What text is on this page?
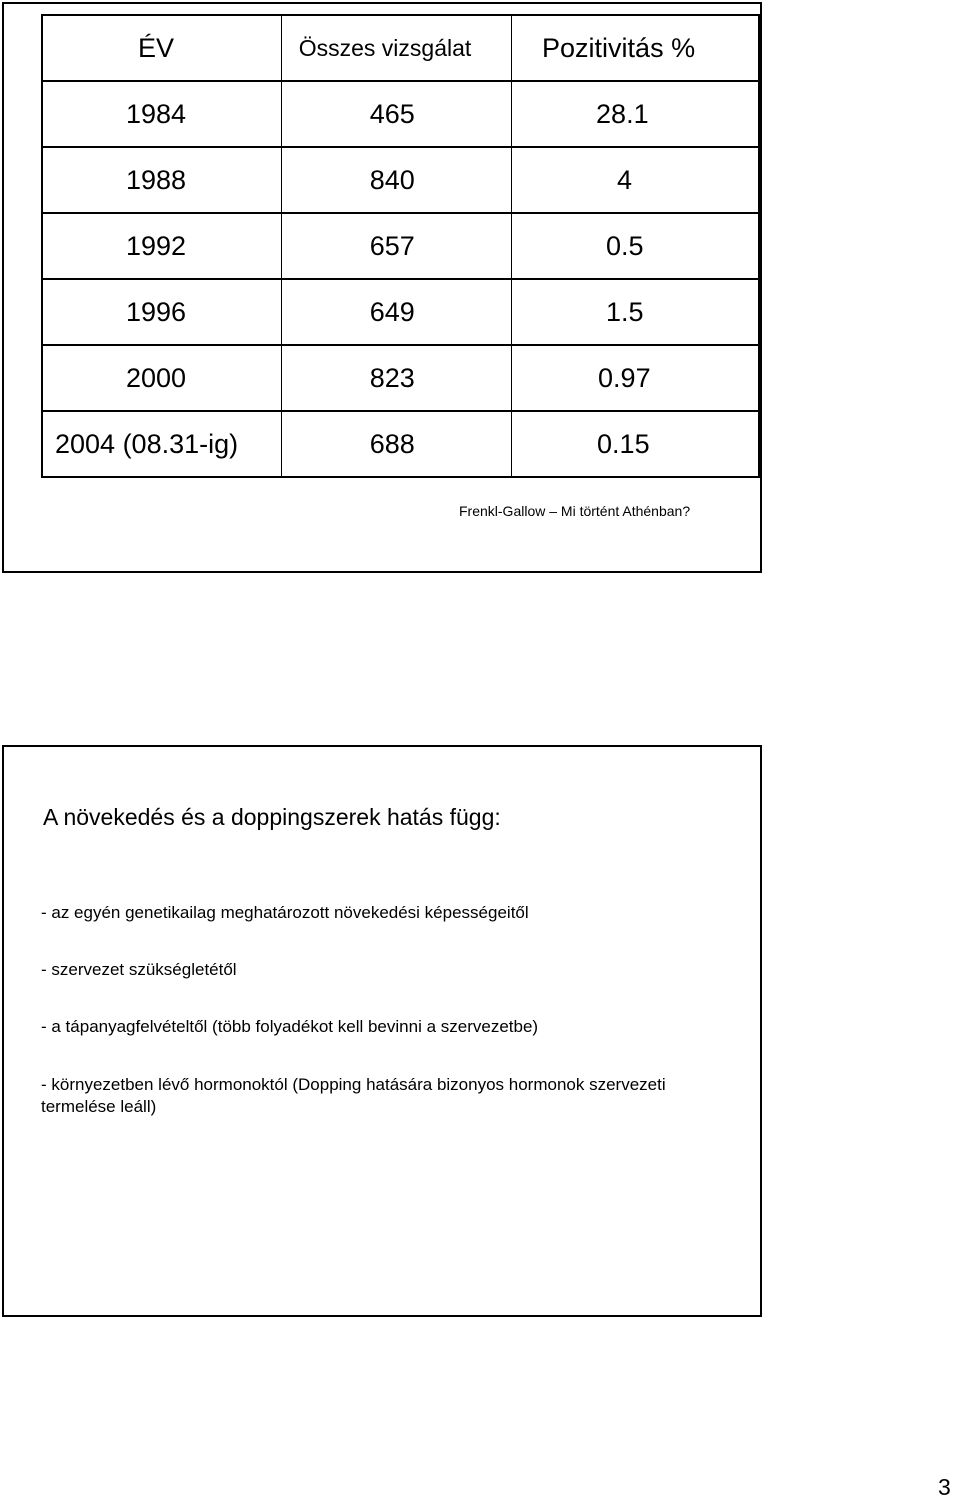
ÉV	Összes vizsgálat	Pozitivitás %
1984	465	28.1
1988	840	4
1992	657	0.5
1996	649	1.5
2000	823	0.97
2004 (08.31-ig)	688	0.15
Frenkl-Gallow – Mi történt Athénban?
A növekedés és a doppingszerek hatás függ:
- az egyén genetikailag meghatározott növekedési képességeitől
- szervezet szükségletétől
- a tápanyagfelvételtől (több folyadékot kell bevinni a szervezetbe)
- környezetben lévő hormonoktól (Dopping hatására bizonyos hormonok szervezeti termelése leáll)
3
